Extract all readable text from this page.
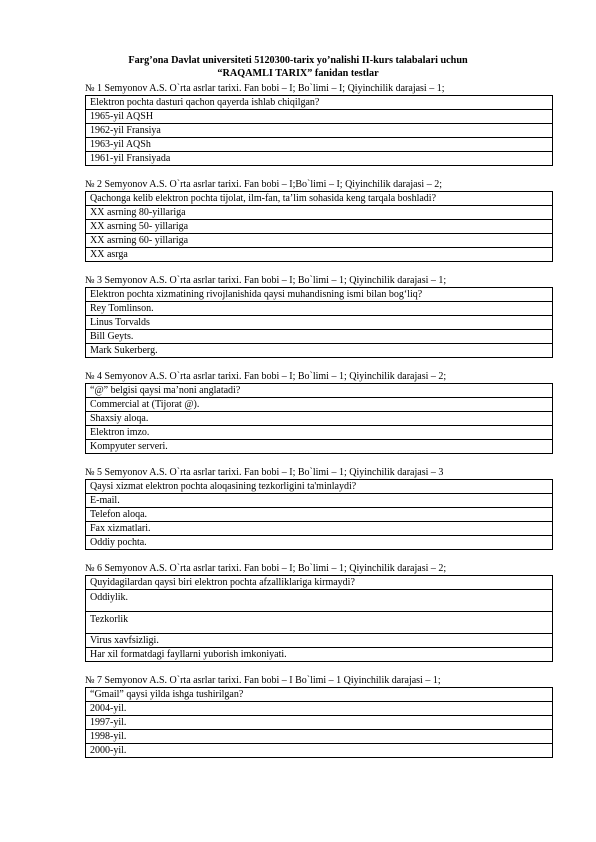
Farg’ona Davlat universiteti 5120300-tarix yo’nalishi II-kurs talabalari uchun
“RAQAMLI TARIX” fanidan testlar
№ 1 Semyonov A.S. O`rta asrlar tarixi. Fan bobi – I; Bo`limi – I; Qiyinchilik darajasi – 1;
Elektron pochta dasturi qachon qayerda ishlab chiqilgan?
1965-yil AQSH
1962-yil Fransiya
1963-yil AQSh
1961-yil Fransiyada
№ 2 Semyonov A.S. O`rta asrlar tarixi. Fan bobi – I;Bo`limi – I; Qiyinchilik darajasi – 2;
Qachonga kelib elektron pochta tijolat, ilm-fan, ta’lim sohasida keng tarqala boshladi?
XX asrning 80-yillariga
XX asrning 50- yillariga
XX asrning 60- yillariga
XX asrga
№ 3 Semyonov A.S. O`rta asrlar tarixi. Fan bobi – I; Bo`limi – 1; Qiyinchilik darajasi – 1;
Elektron pochta xizmatining rivojlanishida qaysi muhandisning ismi bilan bog‘liq?
Rey Tomlinson.
Linus Torvalds
Bill Geyts.
Mark Sukerberg.
№ 4 Semyonov A.S. O`rta asrlar tarixi. Fan bobi – I; Bo`limi – 1; Qiyinchilik darajasi – 2;
“@” belgisi qaysi ma’noni anglatadi?
Commercial at (Tijorat @).
Shaxsiy aloqa.
Elektron imzo.
Kompyuter serveri.
№ 5 Semyonov A.S. O`rta asrlar tarixi. Fan bobi – I; Bo`limi – 1; Qiyinchilik darajasi – 3
Qaysi xizmat elektron pochta aloqasining tezkorligini ta'minlaydi?
E-mail.
Telefon aloqa.
Fax xizmatlari.
Oddiy pochta.
№ 6 Semyonov A.S. O`rta asrlar tarixi. Fan bobi – I; Bo`limi – 1; Qiyinchilik darajasi – 2;
Quyidagilardan qaysi biri elektron pochta afzalliklariga kirmaydi?
Oddiylik.
Tezkorlik
Virus xavfsizligi.
Har xil formatdagi fayllarni yuborish imkoniyati.
№ 7 Semyonov A.S. O`rta asrlar tarixi. Fan bobi – I Bo`limi – 1 Qiyinchilik darajasi – 1;
“Gmail” qaysi yilda ishga tushirilgan?
2004-yil.
1997-yil.
1998-yil.
2000-yil.
